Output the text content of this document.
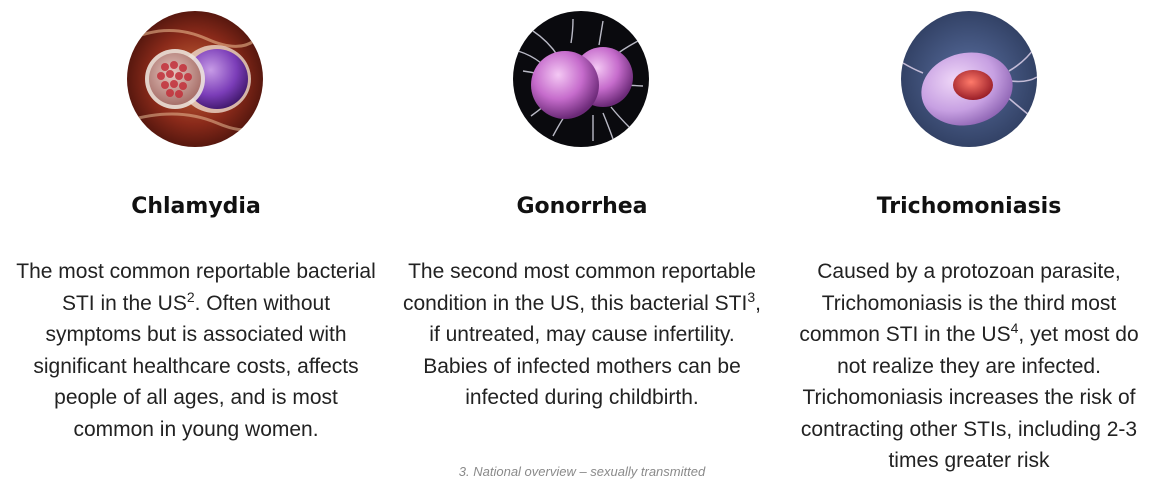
Chlamydia

The most common reportable bacterial STI in the $US^2$. Often without symptoms but is associated with significant healthcare costs, affects people of all ages, and is most common in young women.

Gonorrhea

The second most common reportable condition in the US, this bacterial STI$^3$, if untreated, may cause infertility. Babies of infected mothers can be infected during childbirth.

3. National overview – sexually transmitted

Trichomoniasis

Caused by a protozoan parasite, Trichomoniasis is the third most common STI in the $US^4$, yet most do not realize they are infected. Trichomoniasis increases the risk of contracting other STIs, including 2-3 times greater risk
